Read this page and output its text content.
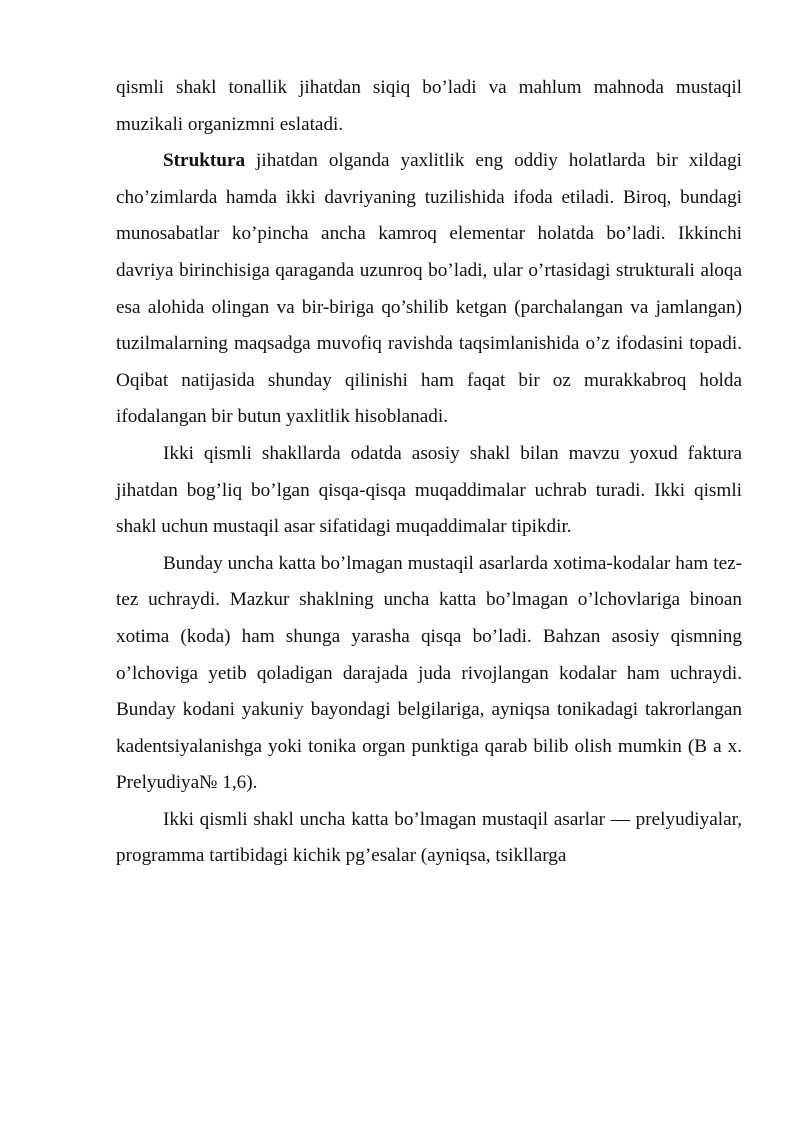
qismli shakl tonallik jihatdan siqiq bo’ladi va mahlum mahnoda mustaqil muzikali organizmni eslatadi.

Struktura jihatdan olganda yaxlitlik eng oddiy holatlarda bir xildagi cho’zimlarda hamda ikki davriyaning tuzilishida ifoda etiladi. Biroq, bundagi munosabatlar ko’pincha ancha kamroq elementar holatda bo’ladi. Ikkinchi davriya birinchisiga qaraganda uzunroq bo’ladi, ular o’rtasidagi strukturali aloqa esa alohida olingan va bir-biriga qo’shilib ketgan (parchalangan va jamlangan) tuzilmalarning maqsadga muvofiq ravishda taqsimlanishida o’z ifodasini topadi. Oqibat natijasida shunday qilinishi ham faqat bir oz murakkabroq holda ifodalangan bir butun yaxlitlik hisoblanadi.

Ikki qismli shakllarda odatda asosiy shakl bilan mavzu yoxud faktura jihatdan bog’liq bo’lgan qisqa-qisqa muqaddimalar uchrab turadi. Ikki qismli shakl uchun mustaqil asar sifatidagi muqaddimalar tipikdir.

Bunday uncha katta bo’lmagan mustaqil asarlarda xotima-kodalar ham tez-tez uchraydi. Mazkur shaklning uncha katta bo’lmagan o’lchovlariga binoan xotima (koda) ham shunga yarasha qisqa bo’ladi. Bahzan asosiy qismning o’lchoviga yetib qoladigan darajada juda rivojlangan kodalar ham uchraydi. Bunday kodani yakuniy bayondagi belgilariga, ayniqsa tonikadagi takrorlangan kadentsiyalanishga yoki tonika organ punktiga qarab bilib olish mumkin (B a x. Prelyudiya№ 1,6).

Ikki qismli shakl uncha katta bo’lmagan mustaqil asarlar — prelyudiyalar, programma tartibidagi kichik pg’esalar (ayniqsa, tsikllarga
